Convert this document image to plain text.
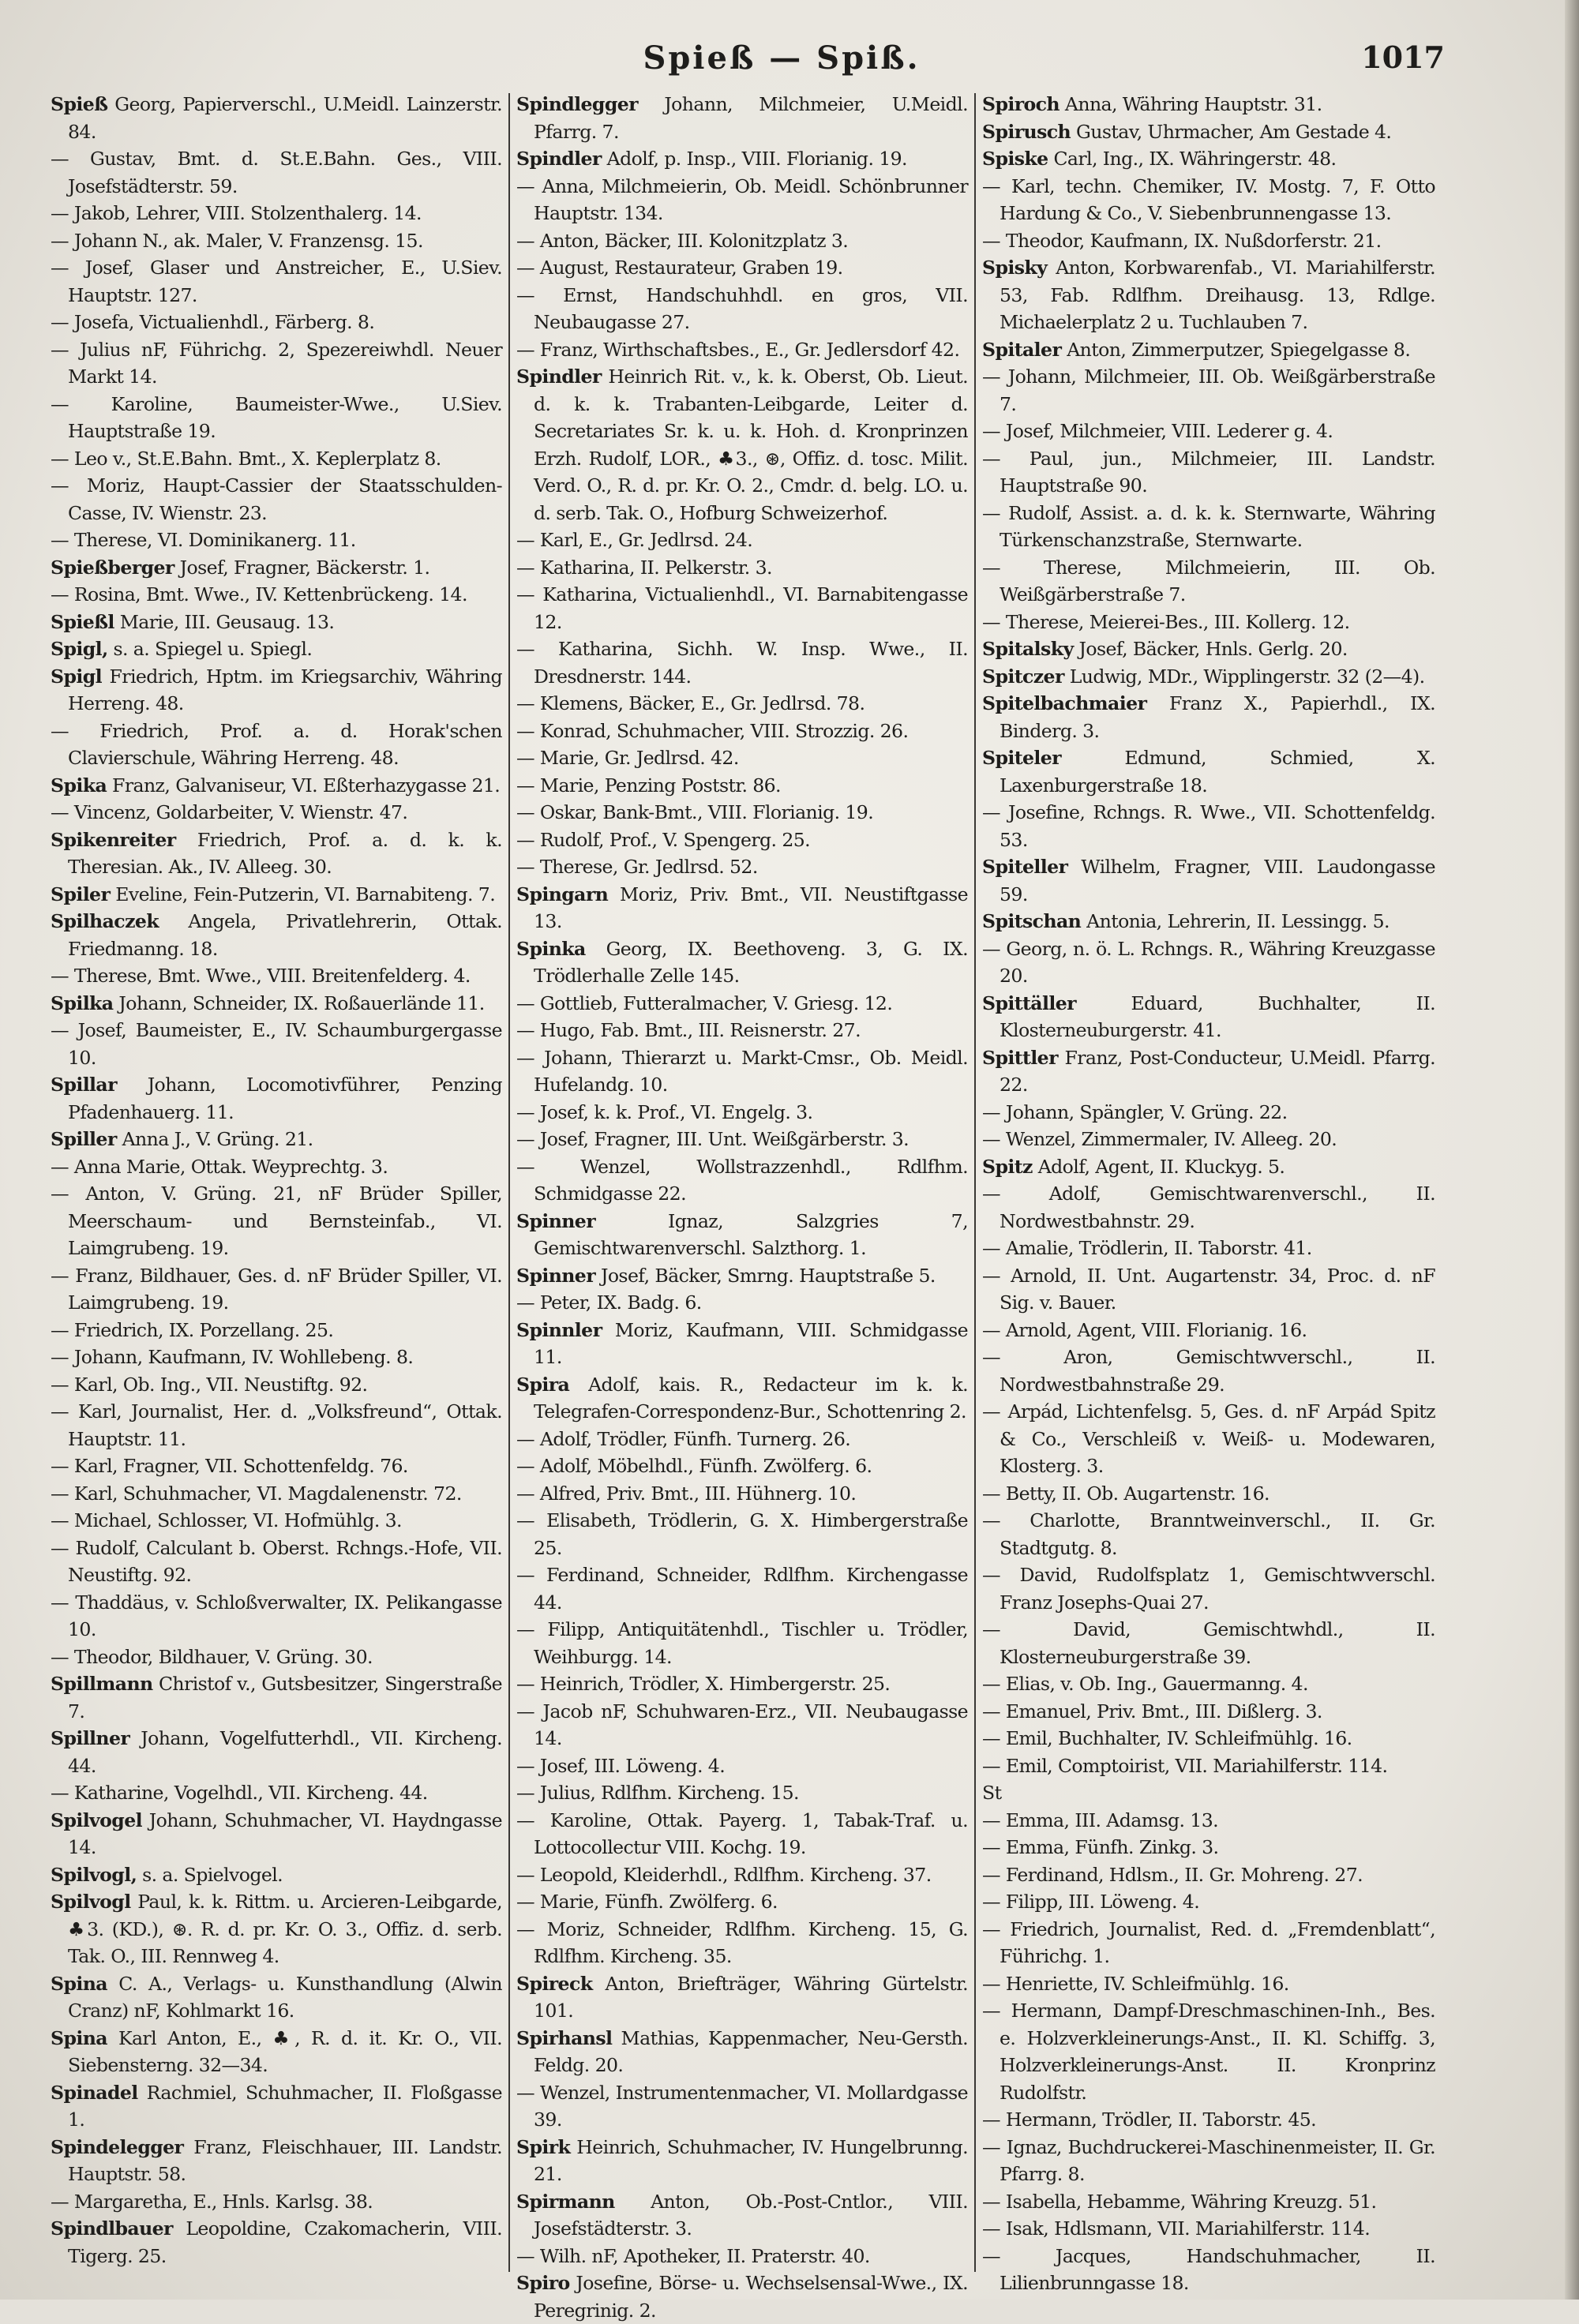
Spieß — Spiß.	1017

Spieß Georg, Papierverschl., U.Meidl. Lainzerstr. 84.

— Gustav, Bmt. d. St.E.Bahn. Ges., VIII. Josefstädterstr. 59.

— Jakob, Lehrer, VIII. Stolzenthalerg. 14.

— Johann N., ak. Maler, V. Franzensg. 15.

— Josef, Glaser und Anstreicher, E., U.Siev. Hauptstr. 127.

— Josefa, Victualienhdl., Färberg. 8.

— Julius nF, Führichg. 2, Spezereiwhdl. Neuer Markt 14.

— Karoline, Baumeister-Wwe., U.Siev. Hauptstraße 19.

— Leo v., St.E.Bahn. Bmt., X. Keplerplatz 8.

— Moriz, Haupt-Cassier der Staatsschulden-Casse, IV. Wienstr. 23.

— Therese, VI. Dominikanerg. 11.

Spießberger Josef, Fragner, Bäckerstr. 1.

— Rosina, Bmt. Wwe., IV. Kettenbrückeng. 14.

Spießl Marie, III. Geusaug. 13.

Spigl, s. a. Spiegel u. Spiegl.

Spigl Friedrich, Hptm. im Kriegsarchiv, Währing Herreng. 48.

— Friedrich, Prof. a. d. Horak'schen Clavierschule, Währing Herreng. 48.

Spika Franz, Galvaniseur, VI. Eßterhazygasse 21.

— Vincenz, Goldarbeiter, V. Wienstr. 47.

Spikenreiter Friedrich, Prof. a. d. k. k. Theresian. Ak., IV. Alleeg. 30.

Spiler Eveline, Fein-Putzerin, VI. Barnabiteng. 7.

Spilhaczek Angela, Privatlehrerin, Ottak. Friedmanng. 18.

— Therese, Bmt. Wwe., VIII. Breitenfelderg. 4.

Spilka Johann, Schneider, IX. Roßauerlände 11.

— Josef, Baumeister, E., IV. Schaumburgergasse 10.

Spillar Johann, Locomotivführer, Penzing Pfadenhauerg. 11.

Spiller Anna J., V. Grüng. 21.

— Anna Marie, Ottak. Weyprechtg. 3.

— Anton, V. Grüng. 21, nF Brüder Spiller, Meerschaum- und Bernsteinfab., VI. Laimgrubeng. 19.

— Franz, Bildhauer, Ges. d. nF Brüder Spiller, VI. Laimgrubeng. 19.

— Friedrich, IX. Porzellang. 25.

— Johann, Kaufmann, IV. Wohllebeng. 8.

— Karl, Ob. Ing., VII. Neustiftg. 92.

— Karl, Journalist, Her. d. „Volksfreund“, Ottak. Hauptstr. 11.

— Karl, Fragner, VII. Schottenfeldg. 76.

— Karl, Schuhmacher, VI. Magdalenenstr. 72.

— Michael, Schlosser, VI. Hofmühlg. 3.

— Rudolf, Calculant b. Oberst. Rchngs.-Hofe, VII. Neustiftg. 92.

— Thaddäus, v. Schloßverwalter, IX. Pelikangasse 10.

— Theodor, Bildhauer, V. Grüng. 30.

Spillmann Christof v., Gutsbesitzer, Singerstraße 7.

Spillner Johann, Vogelfutterhdl., VII. Kircheng. 44.

— Katharine, Vogelhdl., VII. Kircheng. 44.

Spilvogel Johann, Schuhmacher, VI. Haydngasse 14.

Spilvogl, s. a. Spielvogel.

Spilvogl Paul, k. k. Rittm. u. Arcieren-Leibgarde, ♣3. (KD.), ⊛. R. d. pr. Kr. O. 3., Offiz. d. serb. Tak. O., III. Rennweg 4.

Spina C. A., Verlags- u. Kunsthandlung (Alwin Cranz) nF, Kohlmarkt 16.

Spina Karl Anton, E., ♣, R. d. it. Kr. O., VII. Siebensterng. 32—34.

Spinadel Rachmiel, Schuhmacher, II. Floßgasse 1.

Spindelegger Franz, Fleischhauer, III. Landstr. Hauptstr. 58.

— Margaretha, E., Hnls. Karlsg. 38.

Spindlbauer Leopoldine, Czakomacherin, VIII. Tigerg. 25.

Spindlegger Johann, Milchmeier, U.Meidl. Pfarrg. 7.

Spindler Adolf, p. Insp., VIII. Florianig. 19.

— Anna, Milchmeierin, Ob. Meidl. Schönbrunner Hauptstr. 134.

— Anton, Bäcker, III. Kolonitzplatz 3.

— August, Restaurateur, Graben 19.

— Ernst, Handschuhhdl. en gros, VII. Neubaugasse 27.

— Franz, Wirthschaftsbes., E., Gr. Jedlersdorf 42.

Spindler Heinrich Rit. v., k. k. Oberst, Ob. Lieut. d. k. k. Trabanten-Leibgarde, Leiter d. Secretariates Sr. k. u. k. Hoh. d. Kronprinzen Erzh. Rudolf, LOR., ♣3., ⊛, Offiz. d. tosc. Milit. Verd. O., R. d. pr. Kr. O. 2., Cmdr. d. belg. LO. u. d. serb. Tak. O., Hofburg Schweizerhof.

— Karl, E., Gr. Jedlrsd. 24.

— Katharina, II. Pelkerstr. 3.

— Katharina, Victualienhdl., VI. Barnabitengasse 12.

— Katharina, Sichh. W. Insp. Wwe., II. Dresdnerstr. 144.

— Klemens, Bäcker, E., Gr. Jedlrsd. 78.

— Konrad, Schuhmacher, VIII. Strozzig. 26.

— Marie, Gr. Jedlrsd. 42.

— Marie, Penzing Poststr. 86.

— Oskar, Bank-Bmt., VIII. Florianig. 19.

— Rudolf, Prof., V. Spengerg. 25.

— Therese, Gr. Jedlrsd. 52.

Spingarn Moriz, Priv. Bmt., VII. Neustiftgasse 13.

Spinka Georg, IX. Beethoveng. 3, G. IX. Trödlerhalle Zelle 145.

— Gottlieb, Futteralmacher, V. Griesg. 12.

— Hugo, Fab. Bmt., III. Reisnerstr. 27.

— Johann, Thierarzt u. Markt-Cmsr., Ob. Meidl. Hufelandg. 10.

— Josef, k. k. Prof., VI. Engelg. 3.

— Josef, Fragner, III. Unt. Weißgärberstr. 3.

— Wenzel, Wollstrazzenhdl., Rdlfhm. Schmidgasse 22.

Spinner	Ignaz, Salzgries 7, Gemischtwarenverschl. Salzthorg. 1.

Spinner Josef, Bäcker, Smrng. Hauptstraße 5.

— Peter, IX. Badg. 6.

Spinnler Moriz, Kaufmann, VIII. Schmidgasse 11.

Spira Adolf, kais. R., Redacteur im k. k. Telegrafen-Correspondenz-Bur., Schottenring 2.

— Adolf, Trödler, Fünfh. Turnerg. 26.

— Adolf, Möbelhdl., Fünfh. Zwölferg. 6.

— Alfred, Priv. Bmt., III. Hühnerg. 10.

— Elisabeth, Trödlerin, G. X. Himbergerstraße 25.

— Ferdinand, Schneider, Rdlfhm. Kirchengasse 44.

— Filipp, Antiquitätenhdl., Tischler u. Trödler, Weihburgg. 14.

— Heinrich, Trödler, X. Himbergerstr. 25.

— Jacob nF, Schuhwaren-Erz., VII. Neubaugasse 14.

— Josef, III. Löweng. 4.

— Julius, Rdlfhm. Kircheng. 15.

— Karoline, Ottak. Payerg. 1, Tabak-Traf. u. Lottocollectur VIII. Kochg. 19.

— Leopold, Kleiderhdl., Rdlfhm. Kircheng. 37.

— Marie, Fünfh. Zwölferg. 6.

— Moriz, Schneider, Rdlfhm. Kircheng. 15, G. Rdlfhm. Kircheng. 35.

Spireck Anton, Briefträger, Währing Gürtelstr. 101.

Spirhansl Mathias, Kappenmacher, Neu-Gersth. Feldg. 20.

— Wenzel, Instrumentenmacher, VI. Mollardgasse 39.

Spirk Heinrich, Schuhmacher, IV. Hungelbrunng. 21.

Spirmann Anton, Ob.-Post-Cntlor., VIII. Josefstädterstr. 3.

— Wilh. nF, Apotheker, II. Praterstr. 40.

Spiro Josefine, Börse- u. Wechselsensal-Wwe., IX. Peregrinig. 2.

Spiroch Anna, Währing Hauptstr. 31.

Spirusch Gustav, Uhrmacher, Am Gestade 4.

Spiske Carl, Ing., IX. Währingerstr. 48.

— Karl, techn. Chemiker, IV. Mostg. 7, F. Otto Hardung & Co., V. Siebenbrunnengasse 13.

— Theodor, Kaufmann, IX. Nußdorferstr. 21.

Spisky Anton, Korbwarenfab., VI. Mariahilferstr. 53, Fab. Rdlfhm. Dreihausg. 13, Rdlge. Michaelerplatz 2 u. Tuchlauben 7.

Spitaler Anton, Zimmerputzer, Spiegelgasse 8.

— Johann, Milchmeier, III. Ob. Weißgärberstraße 7.

— Josef, Milchmeier, VIII. Lederer g. 4.

— Paul, jun., Milchmeier, III. Landstr. Hauptstraße 90.

— Rudolf, Assist. a. d. k. k. Sternwarte, Währing Türkenschanzstraße, Sternwarte.

— Therese, Milchmeierin, III. Ob. Weißgärberstraße 7.

— Therese, Meierei-Bes., III. Kollerg. 12.

Spitalsky Josef, Bäcker, Hnls. Gerlg. 20.

Spitczer Ludwig, MDr., Wipplingerstr. 32 (2—4).

Spitelbachmaier Franz X., Papierhdl., IX. Binderg. 3.

Spiteler	Edmund, Schmied, X. Laxenburgerstraße 18.

— Josefine, Rchngs. R. Wwe., VII. Schottenfeldg. 53.

Spiteller Wilhelm, Fragner, VIII. Laudongasse 59.

Spitschan Antonia, Lehrerin, II. Lessingg. 5.

— Georg, n. ö. L. Rchngs. R., Währing Kreuzgasse 20.

Spittäller	Eduard, Buchhalter, II. Klosterneuburgerstr. 41.

Spittler Franz, Post-Conducteur, U.Meidl. Pfarrg. 22.

— Johann, Spängler, V. Grüng. 22.

— Wenzel, Zimmermaler, IV. Alleeg. 20.

Spitz Adolf, Agent, II. Kluckyg. 5.

— Adolf, Gemischtwarenverschl., II. Nordwestbahnstr. 29.

— Amalie, Trödlerin, II. Taborstr. 41.

— Arnold, II. Unt. Augartenstr. 34, Proc. d. nF Sig. v. Bauer.

— Arnold, Agent, VIII. Florianig. 16.

— Aron, Gemischtwverschl., II. Nordwestbahnstraße 29.

— Arpád, Lichtenfelsg. 5, Ges. d. nF Arpád Spitz & Co., Verschleiß v. Weiß- u. Modewaren, Klosterg. 3.

— Betty, II. Ob. Augartenstr. 16.

— Charlotte, Branntweinverschl., II. Gr. Stadtgutg. 8.

— David, Rudolfsplatz 1, Gemischtwverschl. Franz Josephs-Quai 27.

— David, Gemischtwhdl., II. Klosterneuburgerstraße 39.

— Elias, v. Ob. Ing., Gauermanng. 4.

— Emanuel, Priv. Bmt., III. Dißlerg. 3.

— Emil, Buchhalter, IV. Schleifmühlg. 16.

— Emil, Comptoirist, VII. Mariahilferstr. 114.

St

— Emma, III. Adamsg. 13.

— Emma, Fünfh. Zinkg. 3.

— Ferdinand, Hdlsm., II. Gr. Mohreng. 27.

— Filipp, III. Löweng. 4.

— Friedrich, Journalist, Red. d. „Fremdenblatt“, Führichg. 1.

— Henriette, IV. Schleifmühlg. 16.

— Hermann, Dampf-Dreschmaschinen-Inh., Bes. e. Holzverkleinerungs-Anst., II. Kl. Schiffg. 3, Holzverkleinerungs-Anst. II. Kronprinz Rudolfstr.

— Hermann, Trödler, II. Taborstr. 45.

— Ignaz, Buchdruckerei-Maschinenmeister, II. Gr. Pfarrg. 8.

— Isabella, Hebamme, Währing Kreuzg. 51.

— Isak, Hdlsmann, VII. Mariahilferstr. 114.

— Jacques, Handschuhmacher, II. Lilienbrunngasse 18.
